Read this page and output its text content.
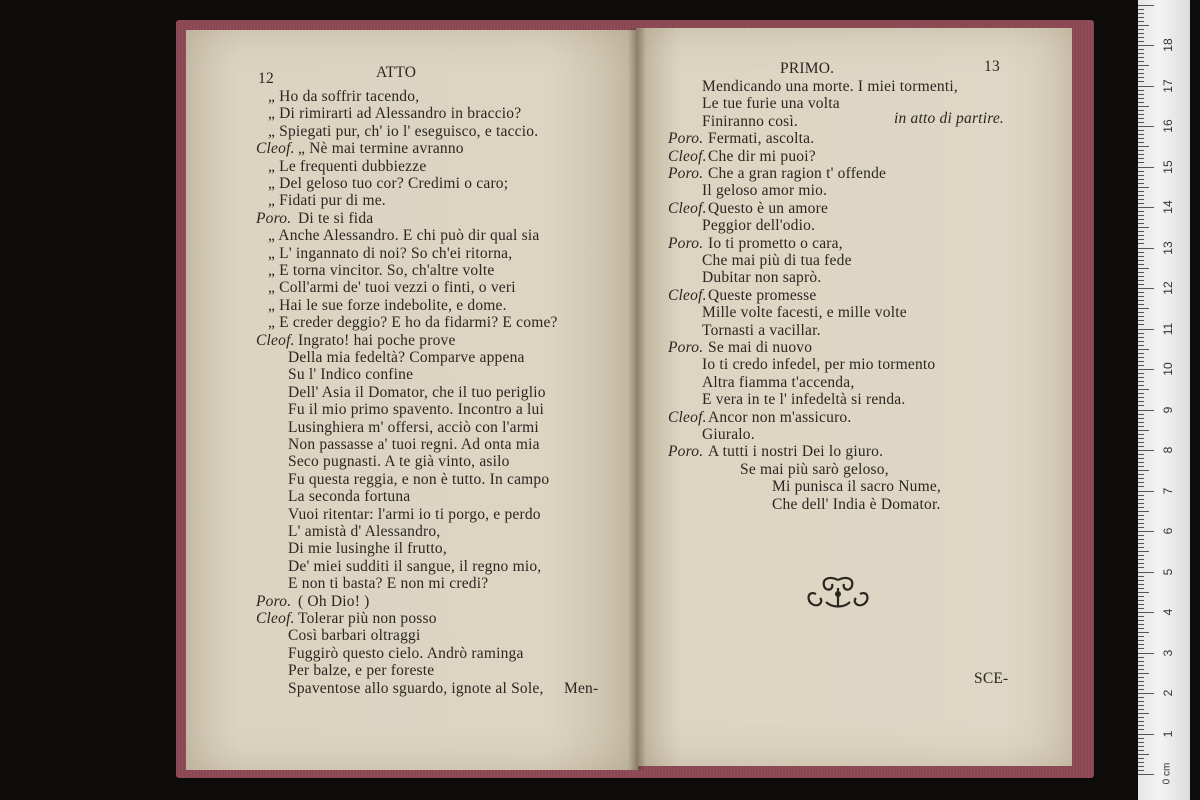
12	ATTO
„ Ho da soffrir tacendo,
„ Di rimirarti ad Alessandro in braccio?
„ Spiegati pur, ch' io l' eseguisco, e taccio.
Cleof. „ Nè mai termine avranno
„ Le frequenti dubbiezze
„ Del geloso tuo cor? Credimi o caro;
„ Fidati pur di me.
Poro. Di te si fida
„ Anche Alessandro. E chi può dir qual sia
„ L' ingannato di noi? So ch'ei ritorna,
„ E torna vincitor. So, ch'altre volte
„ Coll'armi de' tuoi vezzi o finti, o veri
„ Hai le sue forze indebolite, e dome.
„ E creder deggio? E ho da fidarmi? E come?
Cleof. Ingrato! hai poche prove
Della mia fedeltà? Comparve appena
Su l' Indico confine
Dell' Asia il Domator, che il tuo periglio
Fu il mio primo spavento. Incontro a lui
Lusinghiera m' offersi, acciò con l'armi
Non passasse a' tuoi regni. Ad onta mia
Seco pugnasti. A te già vinto, asilo
Fu questa reggia, e non è tutto. In campo
La seconda fortuna
Vuoi ritentar: l'armi io ti porgo, e perdo
L' amistà d' Alessandro,
Di mie lusinghe il frutto,
De' miei sudditi il sangue, il regno mio,
E non ti basta? E non mi credi?
Poro. ( Oh Dio! )
Cleof. Tolerar più non posso
Così barbari oltraggi
Fuggirò questo cielo. Andrò raminga
Per balze, e per foreste
Spaventose allo sguardo, ignote al Sole, Men-
PRIMO.	13
Mendicando una morte. I miei tormenti,
Le tue furie una volta
Finiranno così.
Poro. Fermati, ascolta.
Cleof. Che dir mi puoi?
Poro. Che a gran ragion t' offende
Il geloso amor mio.
Cleof. Questo è un amore
Peggior dell'odio.
Poro. Io ti prometto o cara,
Che mai più di tua fede
Dubitar non saprò.
Cleof. Queste promesse
Mille volte facesti, e mille volte
Tornasti a vacillar.
Poro. Se mai di nuovo
Io ti credo infedel, per mio tormento
Altra fiamma t'accenda,
E vera in te l' infedeltà si renda.
Cleof. Ancor non m'assicuro.
Giuralo.
Poro. A tutti i nostri Dei lo giuro.
Se mai più sarò geloso,
Mi punisca il sacro Nume,
Che dell' India è Domator.
in atto di partire.
SCE-
1
2
3
4
5
6
7
8
9
10
11
12
13
14
15
16
17
18
0 cm
